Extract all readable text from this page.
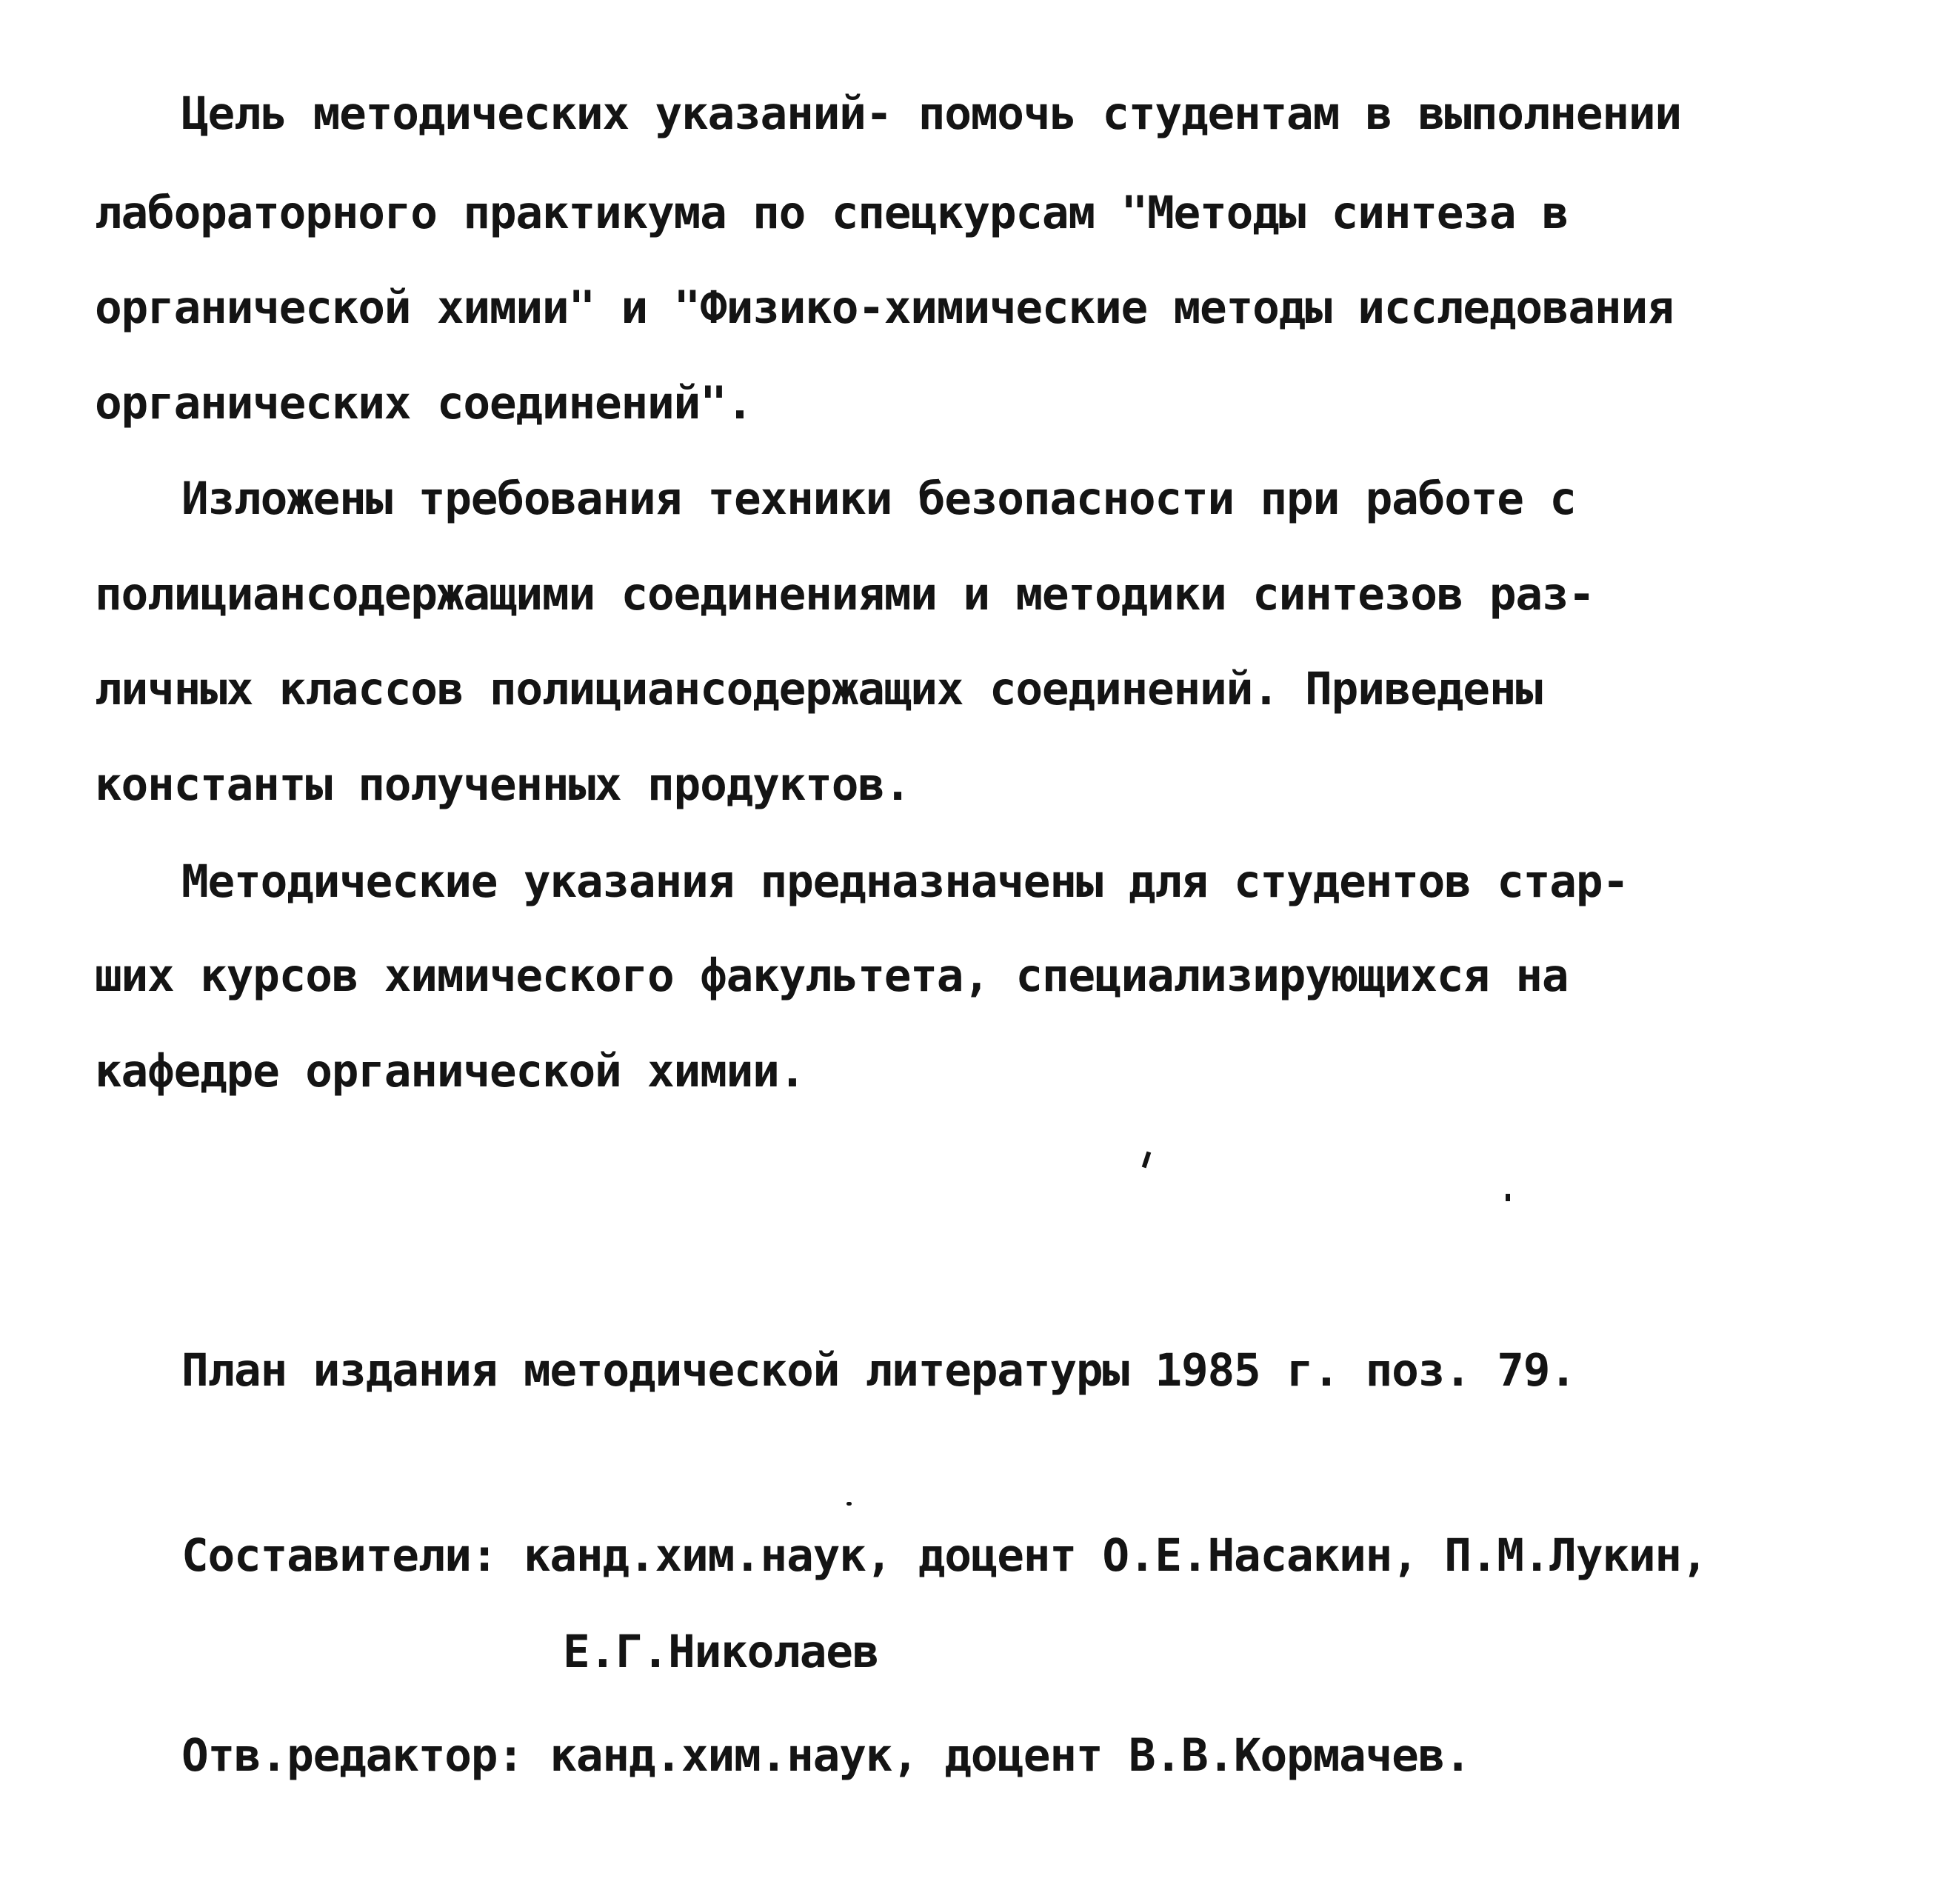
Цель методических указаний- помочь студентам в выполнении
лабораторного практикума по спецкурсам "Методы синтеза в
органической химии" и "Физико-химические методы исследования
органических соединений".
Изложены требования техники безопасности при работе с
полициансодержащими соединениями и методики синтезов раз-
личных классов полициансодержащих соединений. Приведены
константы полученных продуктов.
Методические указания предназначены для студентов стар-
ших курсов химического факультета, специализирующихся на
кафедре органической химии.
План издания методической литературы 1985 г. поз. 79.
Составители: канд.хим.наук, доцент О.Е.Насакин, П.М.Лукин,
Е.Г.Николаев
Отв.редактор: канд.хим.наук, доцент В.В.Кормачев.
